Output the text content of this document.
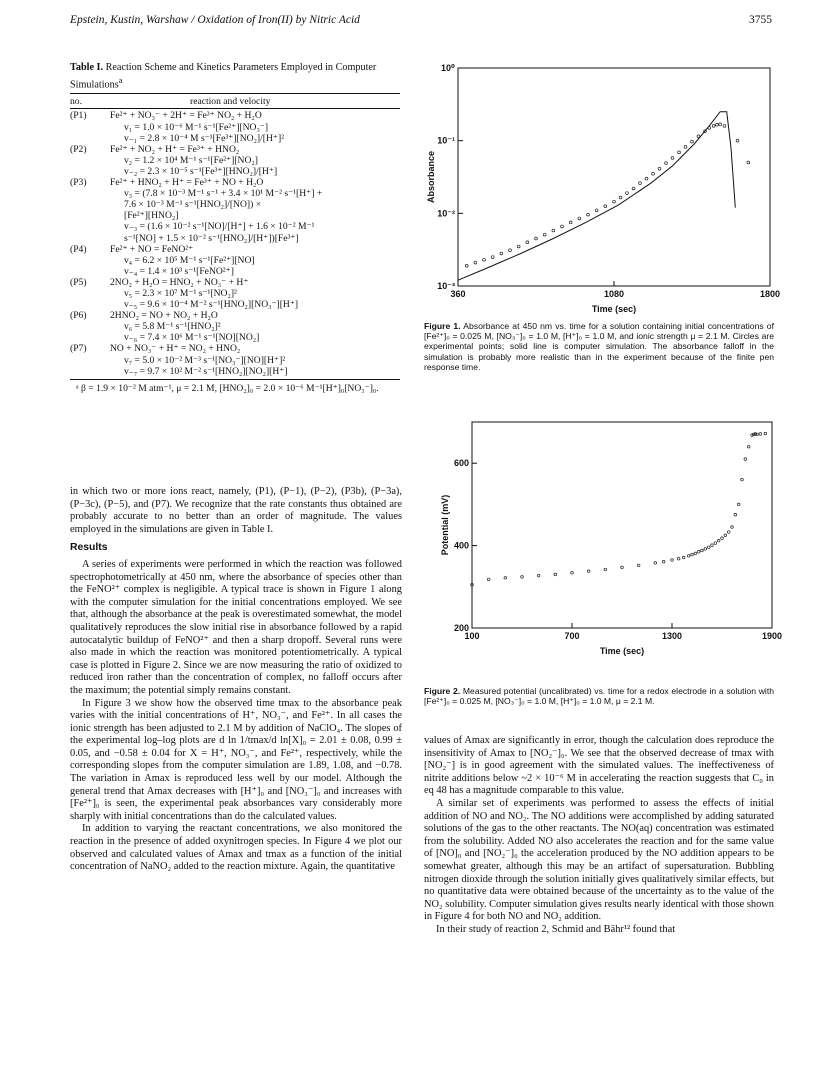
Epstein, Kustin, Warshaw / Oxidation of Iron(II) by Nitric Acid	3755
Table I. Reaction Scheme and Kinetics Parameters Employed in Computer Simulations$^a$
no.	reaction and velocity
(P1)	Fe²⁺ + NO₃⁻ + 2H⁺ = Fe³⁺ NO₂ + H₂O
v₁ = 1.0 × 10⁻⁶ M⁻¹ s⁻¹[Fe²⁺][NO₃⁻]
v₋₁ = 2.8 × 10⁻⁴ M s⁻¹[Fe³⁺][NO₂]/[H⁺]²
(P2)	Fe²⁺ + NO₂ + H⁺ = Fe³⁺ + HNO₂
v₂ = 1.2 × 10⁴ M⁻¹ s⁻¹[Fe²⁺][NO₂]
v₋₂ = 2.3 × 10⁻⁵ s⁻¹[Fe³⁺][HNO₂]/[H⁺]
(P3)	Fe²⁺ + HNO₂ + H⁺ = Fe³⁺ + NO + H₂O
v₃ = (7.8 × 10⁻³ M⁻¹ s⁻¹ + 3.4 × 10¹ M⁻² s⁻¹[H⁺] +
7.6 × 10⁻³ M⁻¹ s⁻¹[HNO₂]/[NO]) ×
[Fe²⁺][HNO₂]
v₋₃ = (1.6 × 10⁻² s⁻¹[NO]/[H⁺] + 1.6 × 10⁻² M⁻¹
s⁻¹[NO] + 1.5 × 10⁻² s⁻¹[HNO₂]/[H⁺])[Fe³⁺]
(P4)	Fe²⁺ + NO = FeNO²⁺
v₄ = 6.2 × 10⁵ M⁻¹ s⁻¹[Fe²⁺][NO]
v₋₄ = 1.4 × 10³ s⁻¹[FeNO²⁺]
(P5)	2NO₂ + H₂O = HNO₂ + NO₃⁻ + H⁺
v₅ = 2.3 × 10⁷ M⁻¹ s⁻¹[NO₂]²
v₋₅ = 9.6 × 10⁻⁴ M⁻² s⁻¹[HNO₂][NO₃⁻][H⁺]
(P6)	2HNO₂ = NO + NO₂ + H₂O
v₆ = 5.8 M⁻¹ s⁻¹[HNO₂]²
v₋₆ = 7.4 × 10⁶ M⁻¹ s⁻¹[NO][NO₂]
(P7)	NO + NO₃⁻ + H⁺ = NO₂ + HNO₂
v₇ = 5.0 × 10⁻² M⁻³ s⁻¹[NO₃⁻][NO][H⁺]²
v₋₇ = 9.7 × 10² M⁻² s⁻¹[HNO₂][NO₂][H⁺]
ᵃ β = 1.9 × 10⁻² M atm⁻¹, μ = 2.1 M, [HNO₂]₀ = 2.0 × 10⁻⁶ M⁻¹[H⁺]₀[NO₃⁻]₀.

in which two or more ions react, namely, (P1), (P−1), (P−2), (P3b), (P−3a), (P−3c), (P−5), and (P7). We recognize that the rate constants thus obtained are probably accurate to no better than an order of magnitude. The values employed in the simulations are given in Table I.

Results

A series of experiments were performed in which the reaction was followed spectrophotometrically at 450 nm, where the absorbance of species other than the FeNO²⁺ complex is negligible. A typical trace is shown in Figure 1 along with the computer simulation for the initial concentrations employed. We see that, although the absorbance at the peak is overestimated somewhat, the model qualitatively reproduces the slow initial rise in absorbance followed by a rapid autocatalytic buildup of FeNO²⁺ and then a sharp dropoff. Several runs were also made in which the reaction was monitored potentiometrically. A typical case is plotted in Figure 2. Since we are now measuring the ratio of oxidized to reduced iron rather than the concentration of complex, no falloff occurs after the maximum; the potential simply remains constant.

In Figure 3 we show how the observed time tmax to the absorbance peak varies with the initial concentrations of H⁺, NO₃⁻, and Fe²⁺. In all cases the ionic strength has been adjusted to 2.1 M by addition of NaClO₄. The slopes of the experimental log–log plots are d ln 1/tmax/d ln[X]₀ = 2.01 ± 0.08, 0.99 ± 0.05, and −0.58 ± 0.04 for X = H⁺, NO₃⁻, and Fe²⁺, respectively, while the corresponding slopes from the computer simulation are 1.89, 1.08, and −0.78. The variation in Amax is reproduced less well by our model. Although the general trend that Amax decreases with [H⁺]₀ and [NO₃⁻]₀ and increases with [Fe²⁺]₀ is seen, the experimental peak absorbances vary considerably more sharply with initial concentrations than do the calculated values.

In addition to varying the reactant concentrations, we also monitored the reaction in the presence of added oxynitrogen species. In Figure 4 we plot our observed and calculated values of Amax and tmax as a function of the initial concentration of NaNO₂ added to the reaction mixture. Again, the quantitative

360	1080	1800
10⁻³
10⁻²
10⁻¹
10⁰
Time (sec)
Absorbance
Figure 1. Absorbance at 450 nm vs. time for a solution containing initial concentrations of [Fe²⁺]₀ = 0.025 M, [NO₃⁻]₀ = 1.0 M, [H⁺]₀ = 1.0 M, and ionic strength μ = 2.1 M. Circles are experimental points; solid line is computer simulation. The absorbance falloff in the simulation is probably more realistic than in the experiment because of the finite pen response time.
100	700	1300	1900
200
400
600
Time (sec)
Potential (mV)
Figure 2. Measured potential (uncalibrated) vs. time for a redox electrode in a solution with [Fe²⁺]₀ = 0.025 M, [NO₃⁻]₀ = 1.0 M, [H⁺]₀ = 1.0 M, μ = 2.1 M.

values of Amax are significantly in error, though the calculation does reproduce the insensitivity of Amax to [NO₂⁻]₀. We see that the observed decrease of tmax with [NO₂⁻] is in good agreement with the simulated values. The ineffectiveness of nitrite additions below ~2 × 10⁻⁶ M in accelerating the reaction suggests that C₀ in eq 48 has a magnitude comparable to this value.

A similar set of experiments was performed to assess the effects of initial addition of NO and NO₂. The NO additions were accomplished by adding saturated solutions of the gas to the other reactants. The NO(aq) concentration was estimated from the solubility. Added NO also accelerates the reaction and for the same value of [NO]₀ and [NO₂⁻]₀ the acceleration produced by the NO addition appears to be somewhat greater, although this may be an artifact of supersaturation. Bubbling nitrogen dioxide through the solution initially gives qualitatively similar effects, but no quantitative data were obtained because of the uncertainty as to the value of the NO₂ solubility. Computer simulation gives results nearly identical with those shown in Figure 4 for both NO and NO₂ addition.

In their study of reaction 2, Schmid and Bähr¹² found that
